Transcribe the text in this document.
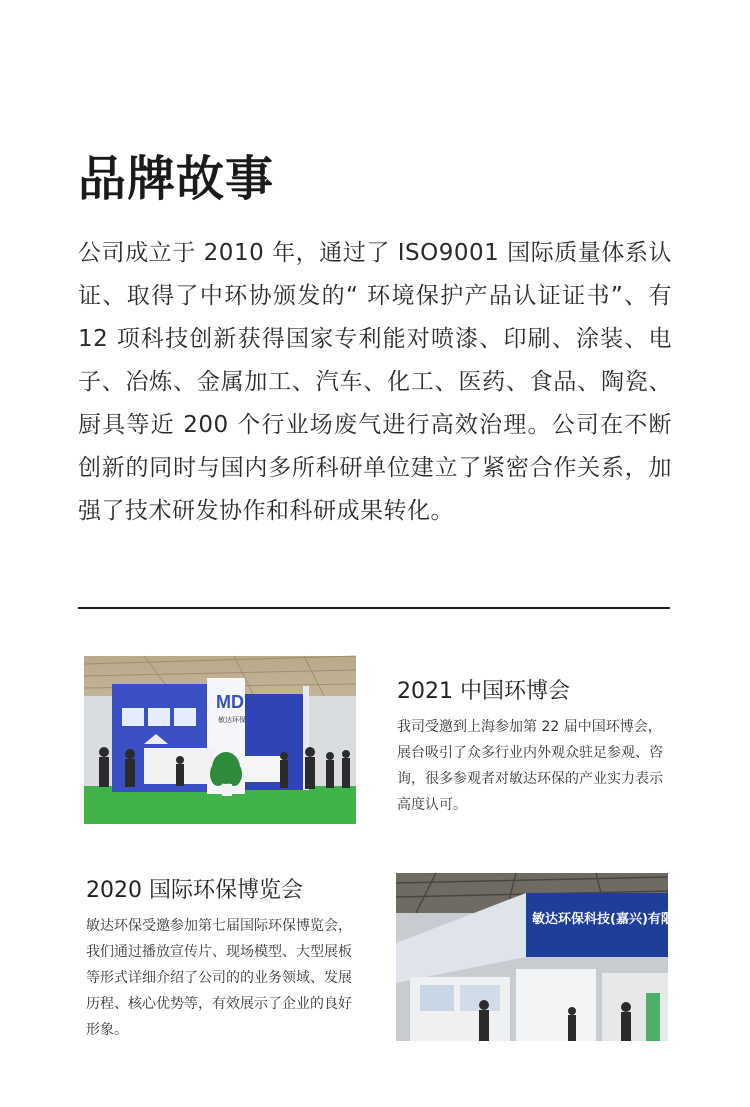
品牌故事
公司成立于 2010 年，通过了 ISO9001 国际质量体系认证、取得了中环协颁发的“ 环境保护产品认证证书”、有 12 项科技创新获得国家专利能对喷漆、印刷、涂装、电子、冶炼、金属加工、汽车、化工、医药、食品、陶瓷、厨具等近 200 个行业场废气进行高效治理。公司在不断创新的同时与国内多所科研单位建立了紧密合作关系，加强了技术研发协作和科研成果转化。
MD
敏达环保
2021 中国环博会
我司受邀到上海参加第 22 届中国环博会，展台吸引了众多行业内外观众驻足参观、咨询，很多参观者对敏达环保的产业实力表示高度认可。
2020 国际环保博览会
敏达环保受邀参加第七届国际环保博览会，我们通过播放宣传片、现场模型、大型展板等形式详细介绍了公司的的业务领域、发展历程、核心优势等，有效展示了企业的良好形象。
敏达环保科技(嘉兴)有限公司
